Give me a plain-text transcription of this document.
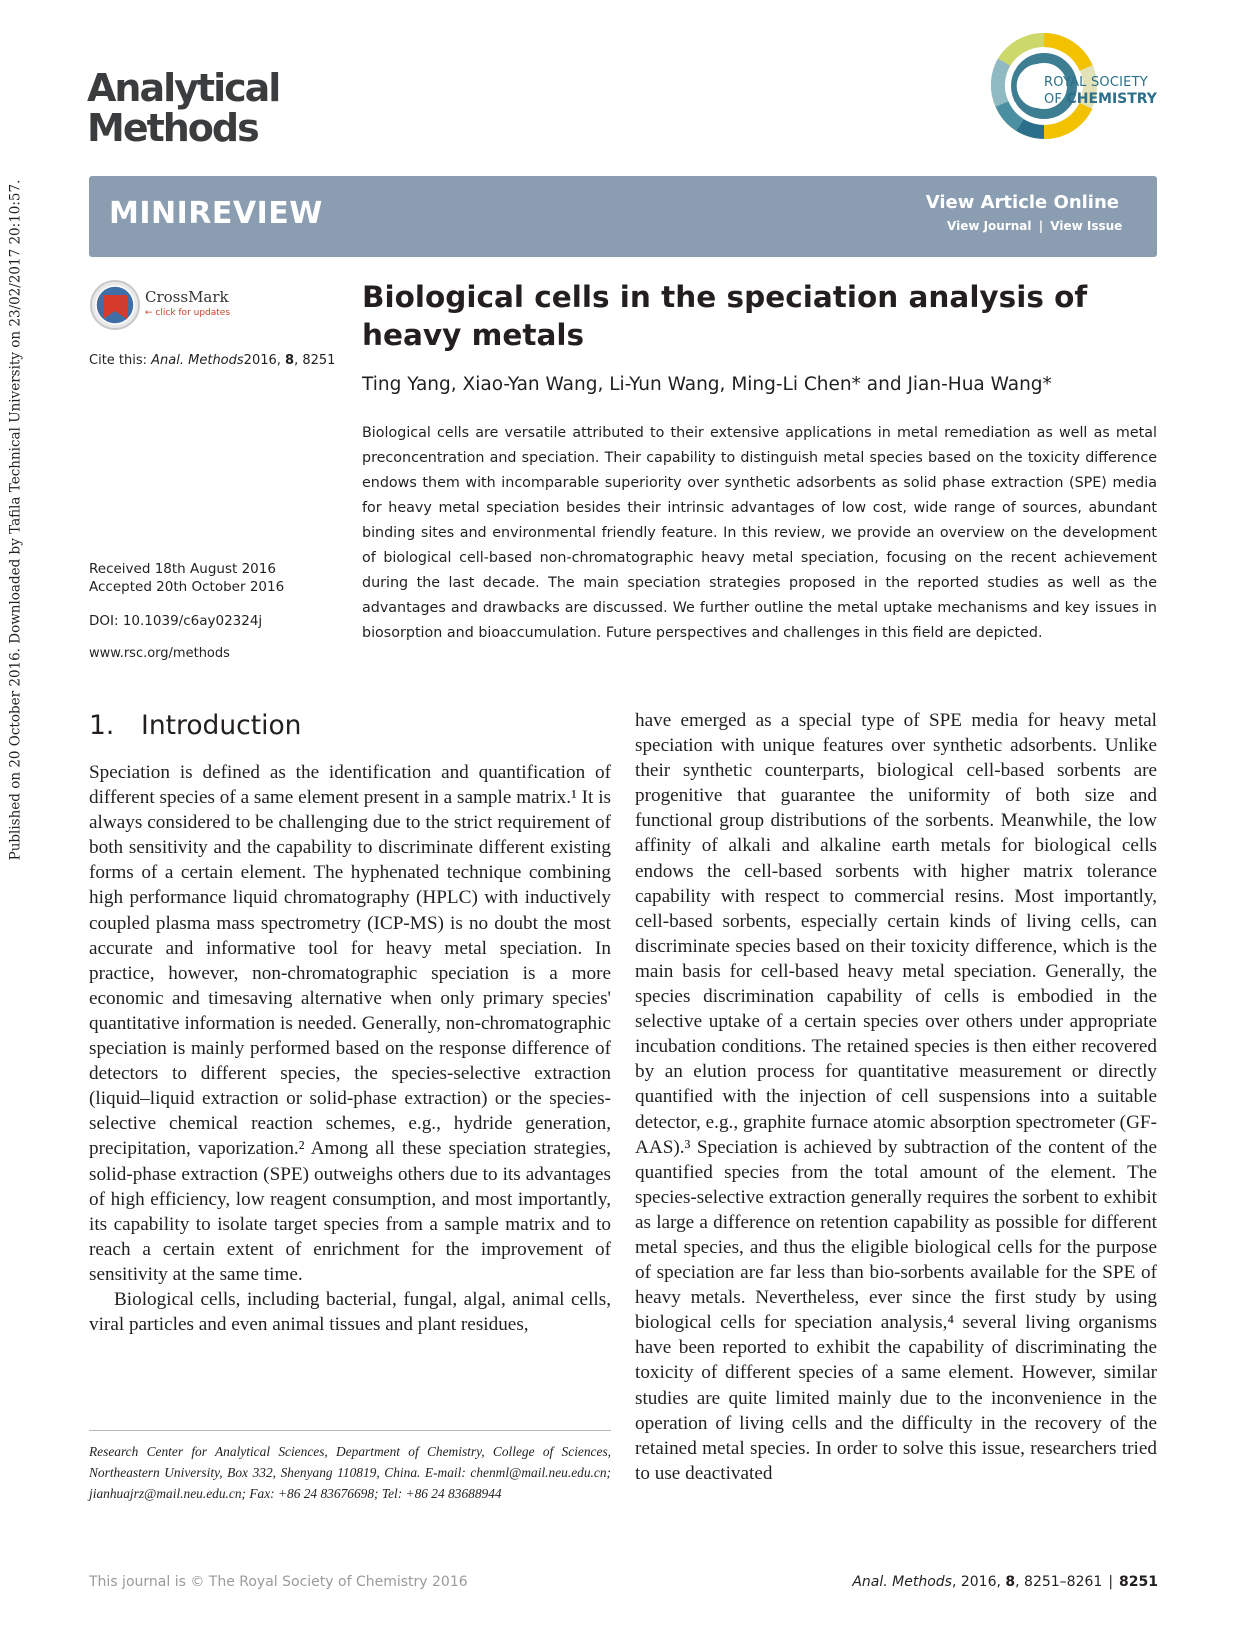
Published on 20 October 2016. Downloaded by Tafila Technical University on 23/02/2017 20:10:57.
Analytical
Methods
ROYAL SOCIETY
OF CHEMISTRY
MINIREVIEW	View Article Online
View Journal | View Issue
CrossMark
← click for updates
Cite this: Anal. Methods2016, 8, 8251
Received 18th August 2016
Accepted 20th October 2016
DOI: 10.1039/c6ay02324j
www.rsc.org/methods
Biological cells in the speciation analysis of heavy metals
Ting Yang, Xiao-Yan Wang, Li-Yun Wang, Ming-Li Chen* and Jian-Hua Wang*
Biological cells are versatile attributed to their extensive applications in metal remediation as well as metal preconcentration and speciation. Their capability to distinguish metal species based on the toxicity difference endows them with incomparable superiority over synthetic adsorbents as solid phase extraction (SPE) media for heavy metal speciation besides their intrinsic advantages of low cost, wide range of sources, abundant binding sites and environmental friendly feature. In this review, we provide an overview on the development of biological cell-based non-chromatographic heavy metal speciation, focusing on the recent achievement during the last decade. The main speciation strategies proposed in the reported studies as well as the advantages and drawbacks are discussed. We further outline the metal uptake mechanisms and key issues in biosorption and bioaccumulation. Future perspectives and challenges in this field are depicted.
1. Introduction

Speciation is defined as the identification and quantification of different species of a same element present in a sample matrix.¹ It is always considered to be challenging due to the strict requirement of both sensitivity and the capability to discriminate different existing forms of a certain element. The hyphenated technique combining high performance liquid chromatography (HPLC) with inductively coupled plasma mass spectrometry (ICP-MS) is no doubt the most accurate and informative tool for heavy metal speciation. In practice, however, non-chromatographic speciation is a more economic and timesaving alternative when only primary species' quantitative information is needed. Generally, non-chromatographic speciation is mainly performed based on the response difference of detectors to different species, the species-selective extraction (liquid–liquid extraction or solid-phase extraction) or the species-selective chemical reaction schemes, e.g., hydride generation, precipitation, vaporization.² Among all these speciation strategies, solid-phase extraction (SPE) outweighs others due to its advantages of high efficiency, low reagent consumption, and most importantly, its capability to isolate target species from a sample matrix and to reach a certain extent of enrichment for the improvement of sensitivity at the same time.

Biological cells, including bacterial, fungal, algal, animal cells, viral particles and even animal tissues and plant residues,

have emerged as a special type of SPE media for heavy metal speciation with unique features over synthetic adsorbents. Unlike their synthetic counterparts, biological cell-based sorbents are progenitive that guarantee the uniformity of both size and functional group distributions of the sorbents. Meanwhile, the low affinity of alkali and alkaline earth metals for biological cells endows the cell-based sorbents with higher matrix tolerance capability with respect to commercial resins. Most importantly, cell-based sorbents, especially certain kinds of living cells, can discriminate species based on their toxicity difference, which is the main basis for cell-based heavy metal speciation. Generally, the species discrimination capability of cells is embodied in the selective uptake of a certain species over others under appropriate incubation conditions. The retained species is then either recovered by an elution process for quantitative measurement or directly quantified with the injection of cell suspensions into a suitable detector, e.g., graphite furnace atomic absorption spectrometer (GF-AAS).³ Speciation is achieved by subtraction of the content of the quantified species from the total amount of the element. The species-selective extraction generally requires the sorbent to exhibit as large a difference on retention capability as possible for different metal species, and thus the eligible biological cells for the purpose of speciation are far less than bio-sorbents available for the SPE of heavy metals. Nevertheless, ever since the first study by using biological cells for speciation analysis,⁴ several living organisms have been reported to exhibit the capability of discriminating the toxicity of different species of a same element. However, similar studies are quite limited mainly due to the inconvenience in the operation of living cells and the difficulty in the recovery of the retained metal species. In order to solve this issue, researchers tried to use deactivated

Research Center for Analytical Sciences, Department of Chemistry, College of Sciences, Northeastern University, Box 332, Shenyang 110819, China. E-mail: chenml@mail.neu.edu.cn; jianhuajrz@mail.neu.edu.cn; Fax: +86 24 83676698; Tel: +86 24 83688944
This journal is © The Royal Society of Chemistry 2016	Anal. Methods, 2016, 8, 8251–8261 | 8251
